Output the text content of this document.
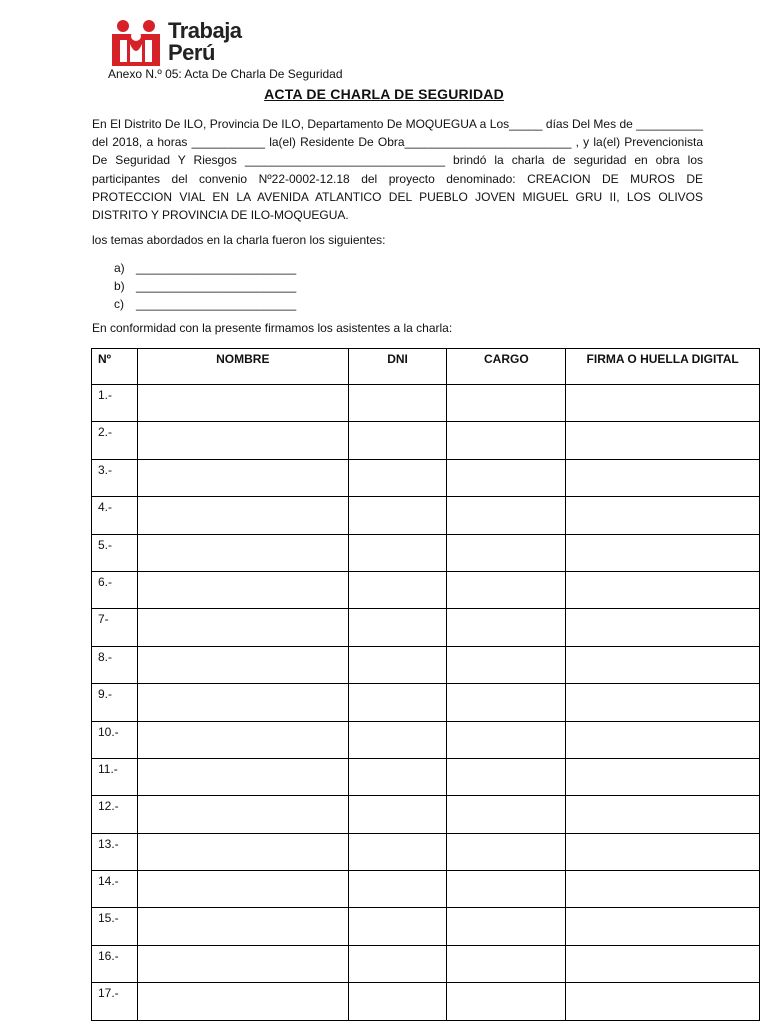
Trabaja
Perú
Anexo N.º 05: Acta De Charla De Seguridad
ACTA DE CHARLA DE SEGURIDAD
En El Distrito De ILO, Provincia De ILO, Departamento De MOQUEGUA a Los_____ días Del Mes de __________ del 2018, a horas ___________ la(el) Residente De Obra_________________________ , y la(el) Prevencionista De Seguridad Y Riesgos ______________________________ brindó la charla de seguridad en obra los participantes del convenio Nº22-0002-12.18 del proyecto denominado: CREACION DE MUROS DE PROTECCION VIAL EN LA AVENIDA ATLANTICO DEL PUEBLO JOVEN MIGUEL GRU II, LOS OLIVOS DISTRITO Y PROVINCIA DE ILO-MOQUEGUA.
los temas abordados en la charla fueron los siguientes:
a) ________________________
b) ________________________
c) ________________________
En conformidad con la presente firmamos los asistentes a la charla:
Nº	NOMBRE	DNI	CARGO	FIRMA O HUELLA DIGITAL
1.-				
2.-				
3.-				
4.-				
5.-				
6.-				
7-				
8.-				
9.-				
10.-				
11.-				
12.-				
13.-				
14.-				
15.-				
16.-				
17.-				
